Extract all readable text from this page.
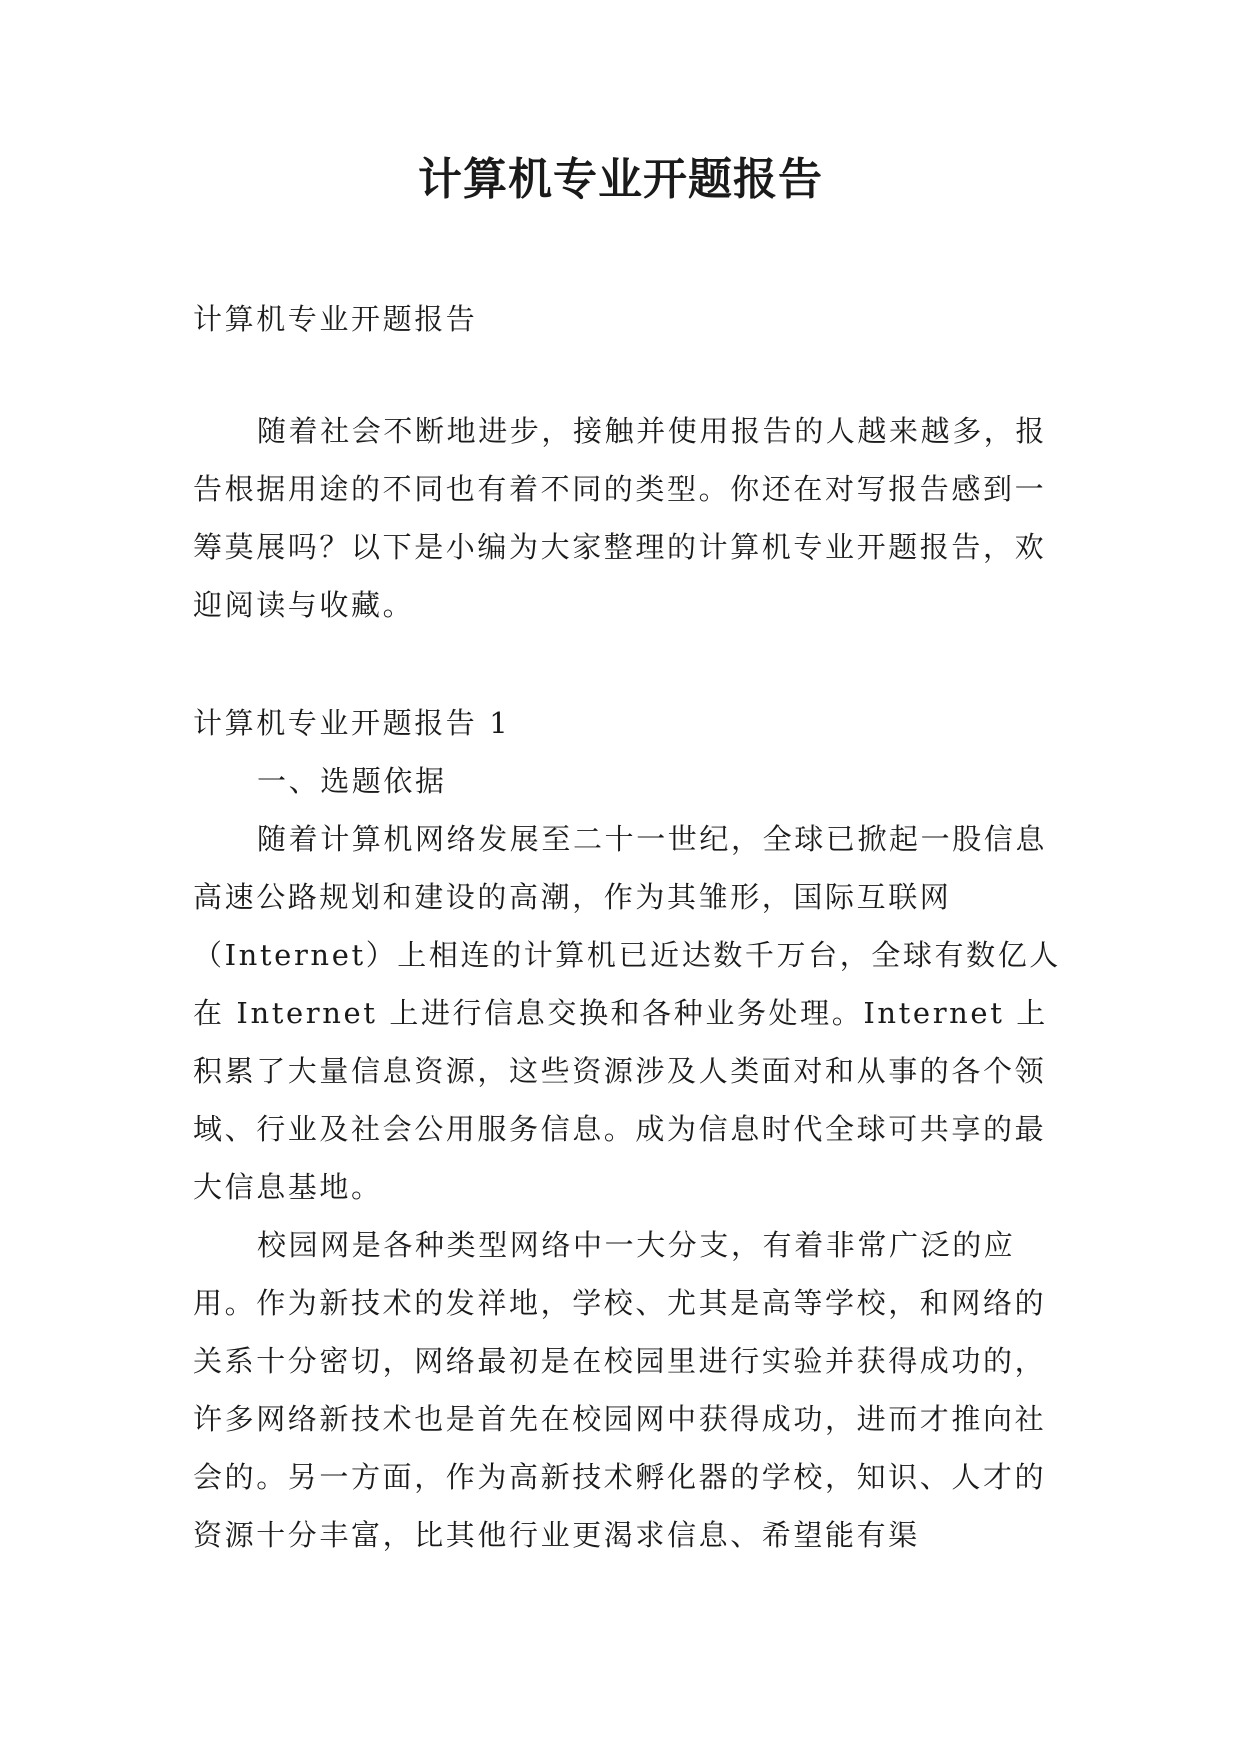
计算机专业开题报告

计算机专业开题报告

随着社会不断地进步，接触并使用报告的人越来越多，报告根据用途的不同也有着不同的类型。你还在对写报告感到一筹莫展吗？以下是小编为大家整理的计算机专业开题报告，欢迎阅读与收藏。

计算机专业开题报告 1

一、选题依据

随着计算机网络发展至二十一世纪，全球已掀起一股信息高速公路规划和建设的高潮，作为其雏形，国际互联网（Internet）上相连的计算机已近达数千万台，全球有数亿人在 Internet 上进行信息交换和各种业务处理。Internet 上积累了大量信息资源，这些资源涉及人类面对和从事的各个领域、行业及社会公用服务信息。成为信息时代全球可共享的最大信息基地。

校园网是各种类型网络中一大分支，有着非常广泛的应用。作为新技术的发祥地，学校、尤其是高等学校，和网络的关系十分密切，网络最初是在校园里进行实验并获得成功的，许多网络新技术也是首先在校园网中获得成功，进而才推向社会的。另一方面，作为高新技术孵化器的学校，知识、人才的资源十分丰富，比其他行业更渴求信息、希望能有渠
